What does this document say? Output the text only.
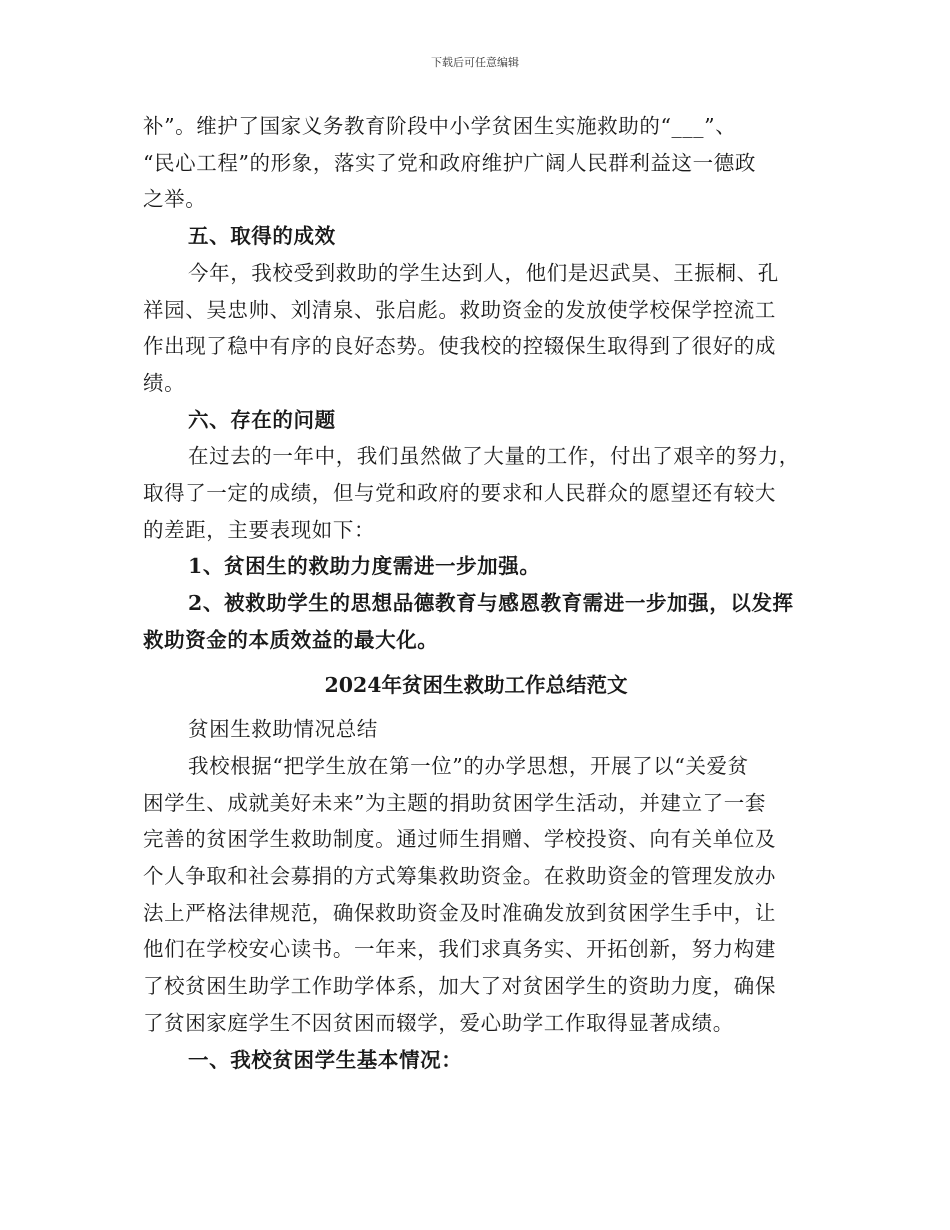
下载后可任意编辑

补”。维护了国家义务教育阶段中小学贫困生实施救助的“___”、
“民心工程”的形象，落实了党和政府维护广阔人民群利益这一德政
之举。

五、取得的成效

今年，我校受到救助的学生达到人，他们是迟武昊、王振桐、孔
祥园、吴忠帅、刘清泉、张启彪。救助资金的发放使学校保学控流工
作出现了稳中有序的良好态势。使我校的控辍保生取得到了很好的成
绩。

六、存在的问题

在过去的一年中，我们虽然做了大量的工作，付出了艰辛的努力，
取得了一定的成绩，但与党和政府的要求和人民群众的愿望还有较大
的差距，主要表现如下：

1、贫困生的救助力度需进一步加强。

2、被救助学生的思想品德教育与感恩教育需进一步加强，以发挥
救助资金的本质效益的最大化。

2024年贫困生救助工作总结范文

贫困生救助情况总结

我校根据“把学生放在第一位”的办学思想，开展了以“关爱贫
困学生、成就美好未来”为主题的捐助贫困学生活动，并建立了一套
完善的贫困学生救助制度。通过师生捐赠、学校投资、向有关单位及
个人争取和社会募捐的方式筹集救助资金。在救助资金的管理发放办
法上严格法律规范，确保救助资金及时准确发放到贫困学生手中，让
他们在学校安心读书。一年来，我们求真务实、开拓创新，努力构建
了校贫困生助学工作助学体系，加大了对贫困学生的资助力度，确保
了贫困家庭学生不因贫困而辍学，爱心助学工作取得显著成绩。

一、我校贫困学生基本情况：
